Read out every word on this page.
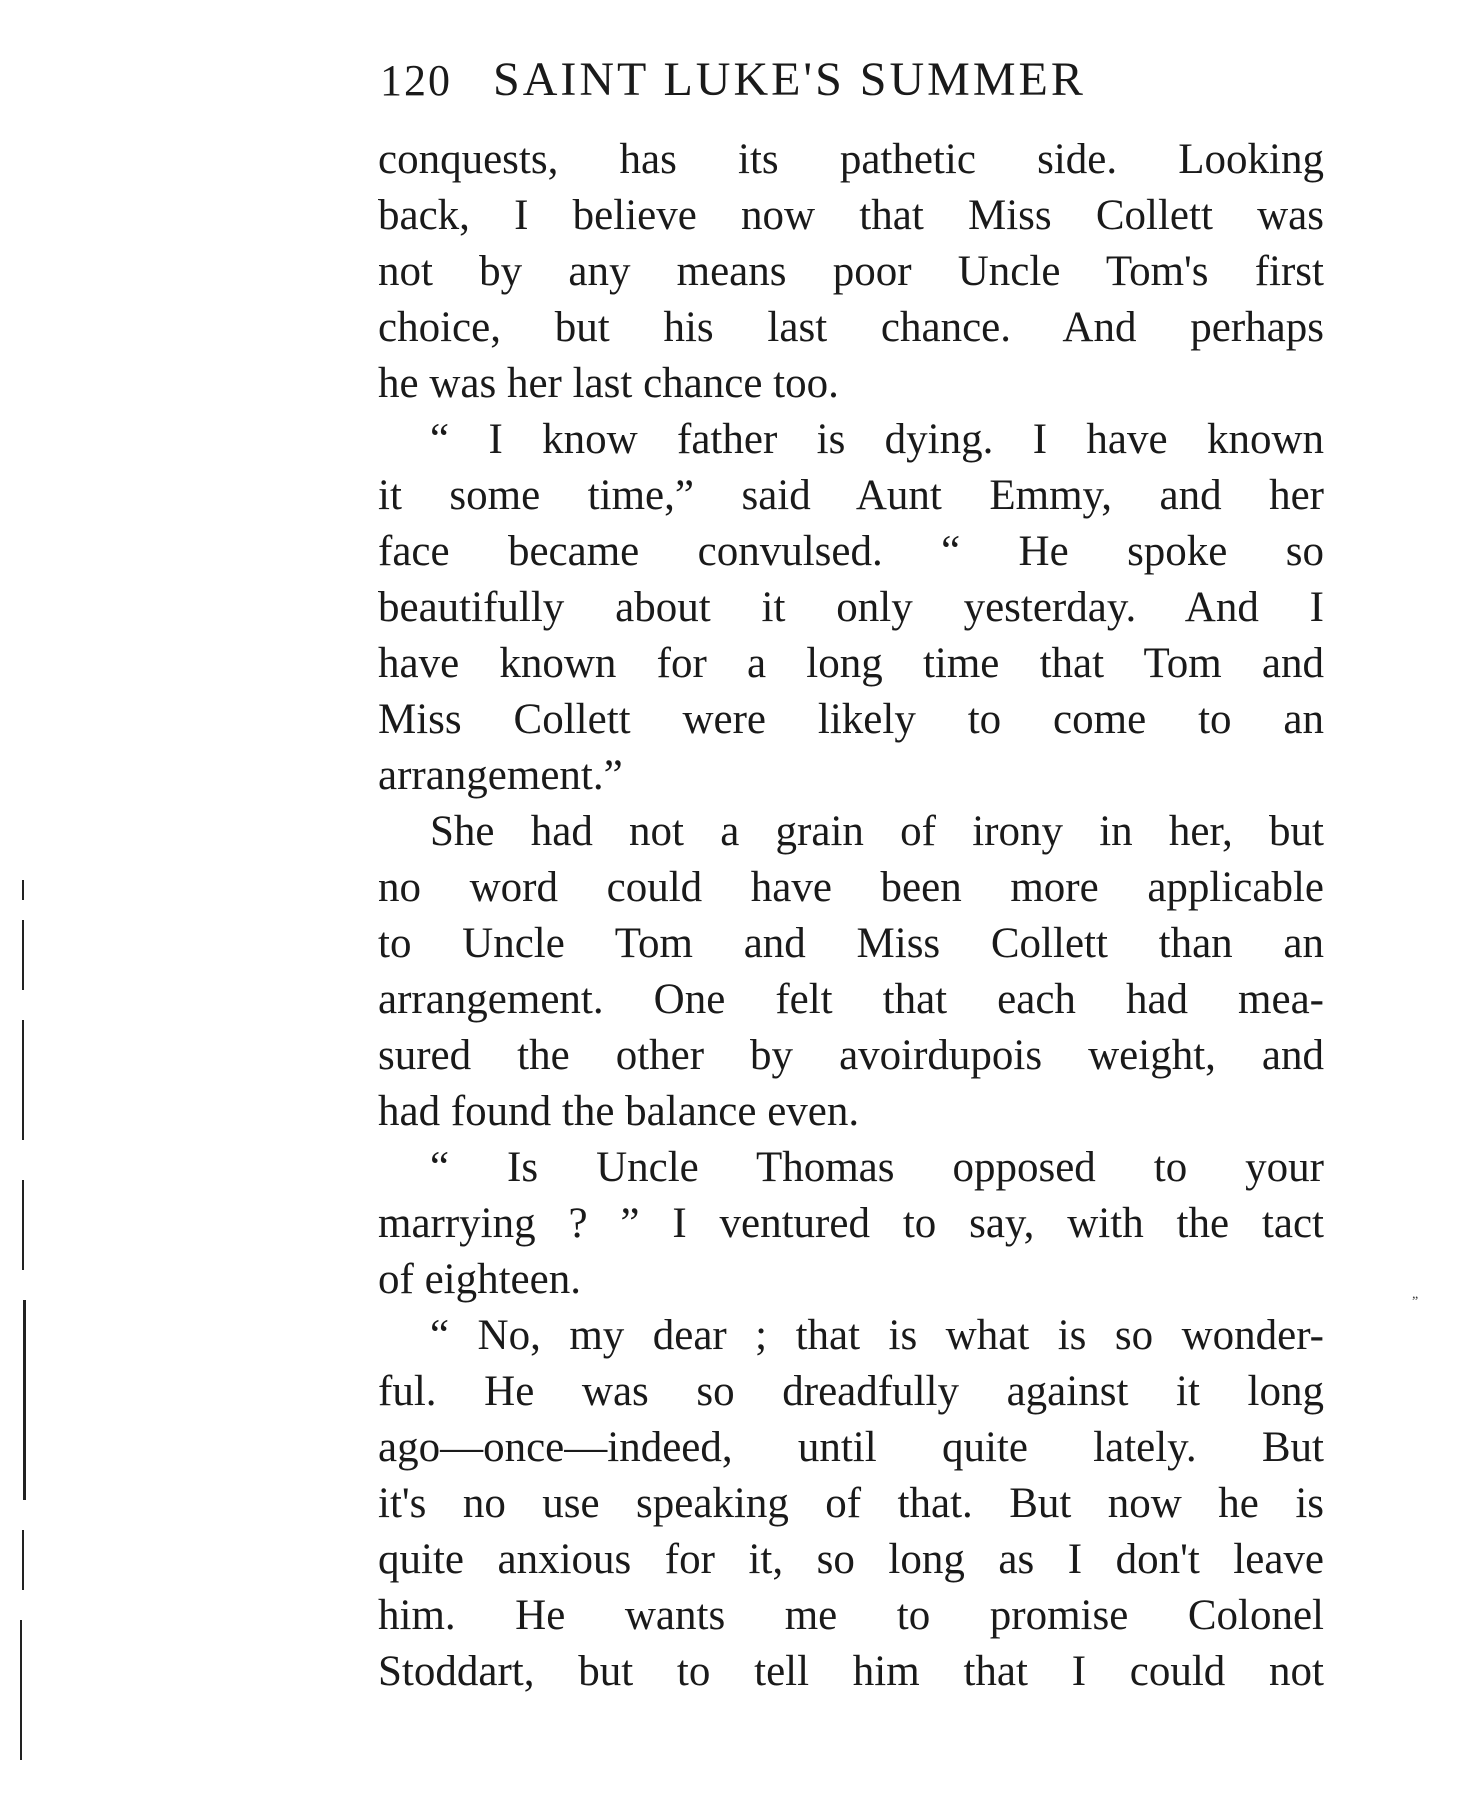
120 SAINT LUKE'S SUMMER
conquests, has its pathetic side. Looking
back, I believe now that Miss Collett was
not by any means poor Uncle Tom's first
choice, but his last chance. And perhaps
he was her last chance too.
“ I know father is dying. I have known
it some time,” said Aunt Emmy, and her
face became convulsed. “ He spoke so
beautifully about it only yesterday. And I
have known for a long time that Tom and
Miss Collett were likely to come to an
arrangement.”
She had not a grain of irony in her, but
no word could have been more applicable
to Uncle Tom and Miss Collett than an
arrangement. One felt that each had mea-
sured the other by avoirdupois weight, and
had found the balance even.
“ Is Uncle Thomas opposed to your
marrying ? ” I ventured to say, with the tact
of eighteen.
“ No, my dear ; that is what is so wonder-
ful. He was so dreadfully against it long
ago—once—indeed, until quite lately. But
it's no use speaking of that. But now he is
quite anxious for it, so long as I don't leave
him. He wants me to promise Colonel
Stoddart, but to tell him that I could not
„
